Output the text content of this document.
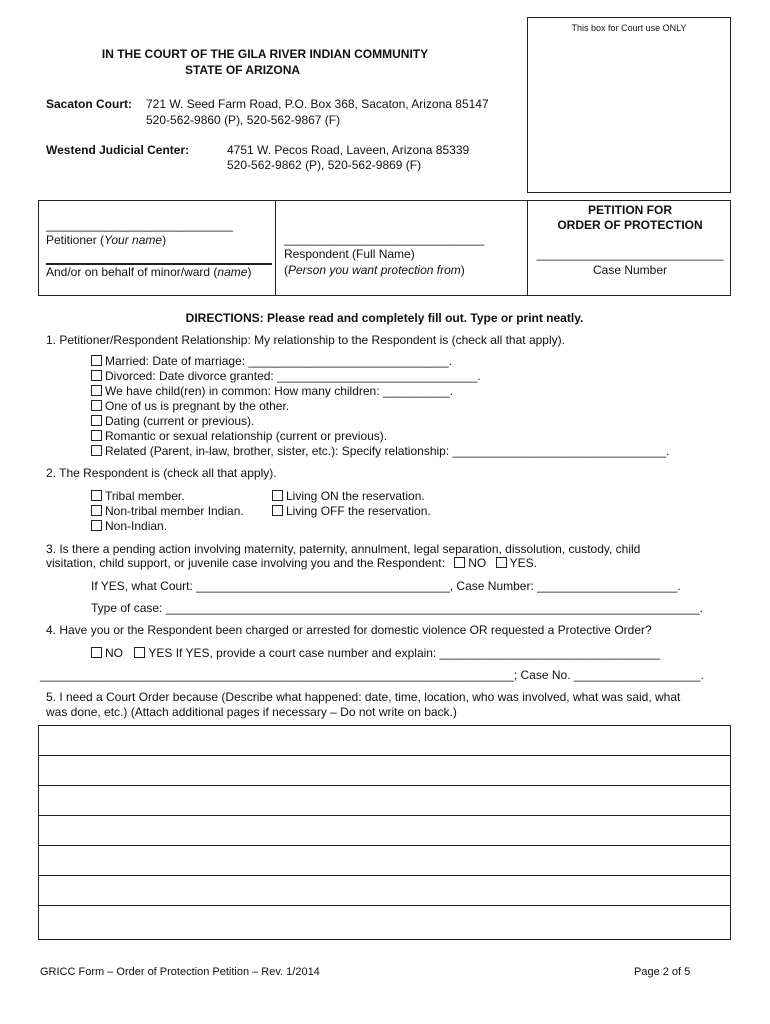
This box for Court use ONLY
IN THE COURT OF THE GILA RIVER INDIAN COMMUNITY
STATE OF ARIZONA
Sacaton Court: 721 W. Seed Farm Road, P.O. Box 368, Sacaton, Arizona 85147
520-562-9860 (P), 520-562-9867 (F)
Westend Judicial Center:	4751 W. Pecos Road, Laveen, Arizona 85339
520-562-9862 (P), 520-562-9869 (F)
____________________________
Petitioner (Your name)
And/or on behalf of minor/ward (name)
______________________________
Respondent (Full Name)
(Person you want protection from)
PETITION FOR
ORDER OF PROTECTION
____________________________
Case Number
DIRECTIONS: Please read and completely fill out. Type or print neatly.
1. Petitioner/Respondent Relationship: My relationship to the Respondent is (check all that apply).
Married: Date of marriage: ______________________________.
Divorced: Date divorce granted: ______________________________.
We have child(ren) in common: How many children: __________.
One of us is pregnant by the other.
Dating (current or previous).
Romantic or sexual relationship (current or previous).
Related (Parent, in-law, brother, sister, etc.): Specify relationship: ________________________________.
2. The Respondent is (check all that apply).
Tribal member.
Non-tribal member Indian.
Non-Indian.
Living ON the reservation.
Living OFF the reservation.
3. Is there a pending action involving maternity, paternity, annulment, legal separation, dissolution, custody, child
visitation, child support, or juvenile case involving you and the Respondent: NO YES.
If YES, what Court: ______________________________________, Case Number: _____________________.
Type of case: ________________________________________________________________________________.
4. Have you or the Respondent been charged or arrested for domestic violence OR requested a Protective Order?
NO YES If YES, provide a court case number and explain: _________________________________
_______________________________________________________________________; Case No. ___________________.
5. I need a Court Order because (Describe what happened: date, time, location, who was involved, what was said, what
was done, etc.) (Attach additional pages if necessary – Do not write on back.)
GRICC Form – Order of Protection Petition – Rev. 1/2014	Page 2 of 5
